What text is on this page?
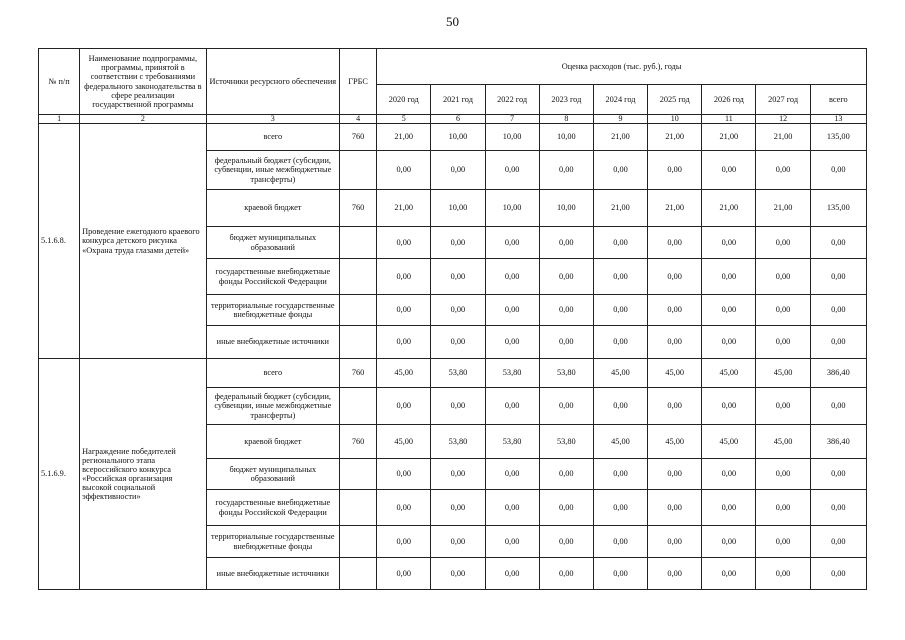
50
№ п/п	Наименование подпрограммы, программы, принятой в соответствии с требованиями федерального законодательства в сфере реализации государственной программы	Источники ресурсного обеспечения	ГРБС	Оценка расходов (тыс. руб.), годы								
				2020 год	2021 год	2022 год	2023 год	2024 год	2025 год	2026 год	2027 год	всего
1	2	3	4	5	6	7	8	9	10	11	12	13
5.1.6.8.	Проведение ежегодного краевого конкурса детского рисунка «Охрана труда глазами детей»	всего	760	21,00	10,00	10,00	10,00	21,00	21,00	21,00	21,00	135,00
		федеральный бюджет (субсидии, субвенции, иные межбюджетные трансферты)		0,00	0,00	0,00	0,00	0,00	0,00	0,00	0,00	0,00
		краевой бюджет	760	21,00	10,00	10,00	10,00	21,00	21,00	21,00	21,00	135,00
		бюджет муниципальных образований		0,00	0,00	0,00	0,00	0,00	0,00	0,00	0,00	0,00
		государственные внебюджетные фонды Российской Федерации		0,00	0,00	0,00	0,00	0,00	0,00	0,00	0,00	0,00
		территориальные государственные внебюджетные фонды		0,00	0,00	0,00	0,00	0,00	0,00	0,00	0,00	0,00
		иные внебюджетные источники		0,00	0,00	0,00	0,00	0,00	0,00	0,00	0,00	0,00
5.1.6.9.	Награждение победителей регионального этапа всероссийского конкурса «Российская организация высокой социальной эффективности»	всего	760	45,00	53,80	53,80	53,80	45,00	45,00	45,00	45,00	386,40
		федеральный бюджет (субсидии, субвенции, иные межбюджетные трансферты)		0,00	0,00	0,00	0,00	0,00	0,00	0,00	0,00	0,00
		краевой бюджет	760	45,00	53,80	53,80	53,80	45,00	45,00	45,00	45,00	386,40
		бюджет муниципальных образований		0,00	0,00	0,00	0,00	0,00	0,00	0,00	0,00	0,00
		государственные внебюджетные фонды Российской Федерации		0,00	0,00	0,00	0,00	0,00	0,00	0,00	0,00	0,00
		территориальные государственные внебюджетные фонды		0,00	0,00	0,00	0,00	0,00	0,00	0,00	0,00	0,00
		иные внебюджетные источники		0,00	0,00	0,00	0,00	0,00	0,00	0,00	0,00	0,00
